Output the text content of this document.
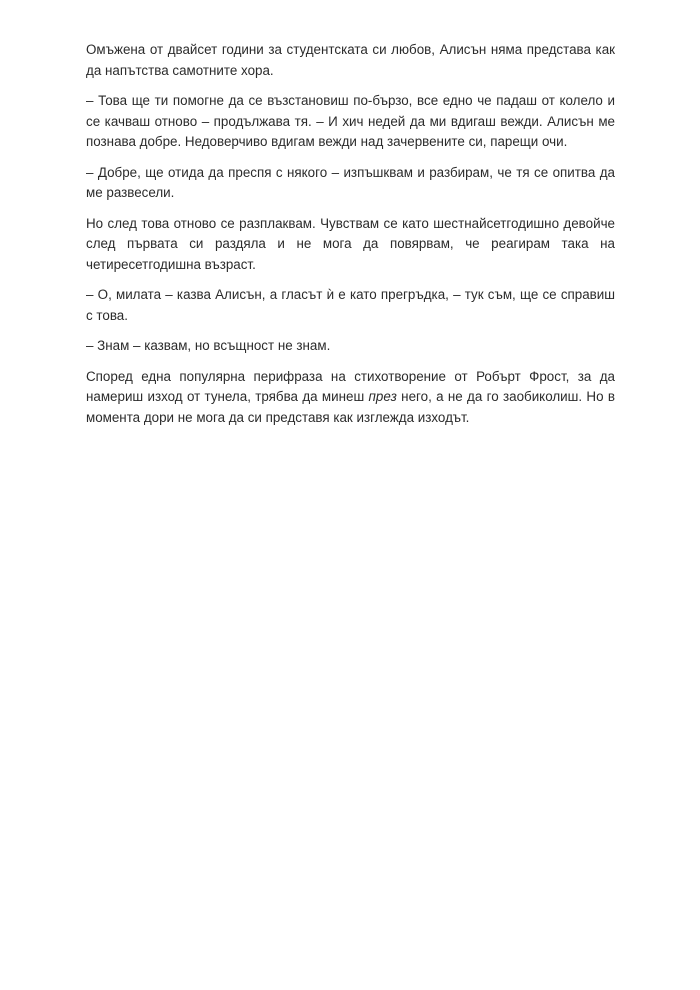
Омъжена от двайсет години за студентската си любов, Алисън няма представа как да напътства самотните хора.

– Това ще ти помогне да се възстановиш по-бързо, все едно че падаш от колело и се качваш отново – продължава тя. – И хич недей да ми вдигаш вежди. Алисън ме познава добре. Недоверчиво вдигам вежди над зачервените си, парещи очи.

– Добре, ще отида да преспя с някого – изпъшквам и разбирам, че тя се опитва да ме развесели.

Но след това отново се разплаквам. Чувствам се като шестнайсетгодишно девойче след първата си раздяла и не мога да повярвам, че реагирам така на четиресетгодишна възраст.

– О, милата – казва Алисън, а гласът ѝ е като прегръдка, – тук съм, ще се справиш с това.

– Знам – казвам, но всъщност не знам.

Според една популярна перифраза на стихотворение от Робърт Фрост, за да намериш изход от тунела, трябва да минеш през него, а не да го заобиколиш. Но в момента дори не мога да си представя как изглежда изходът.
